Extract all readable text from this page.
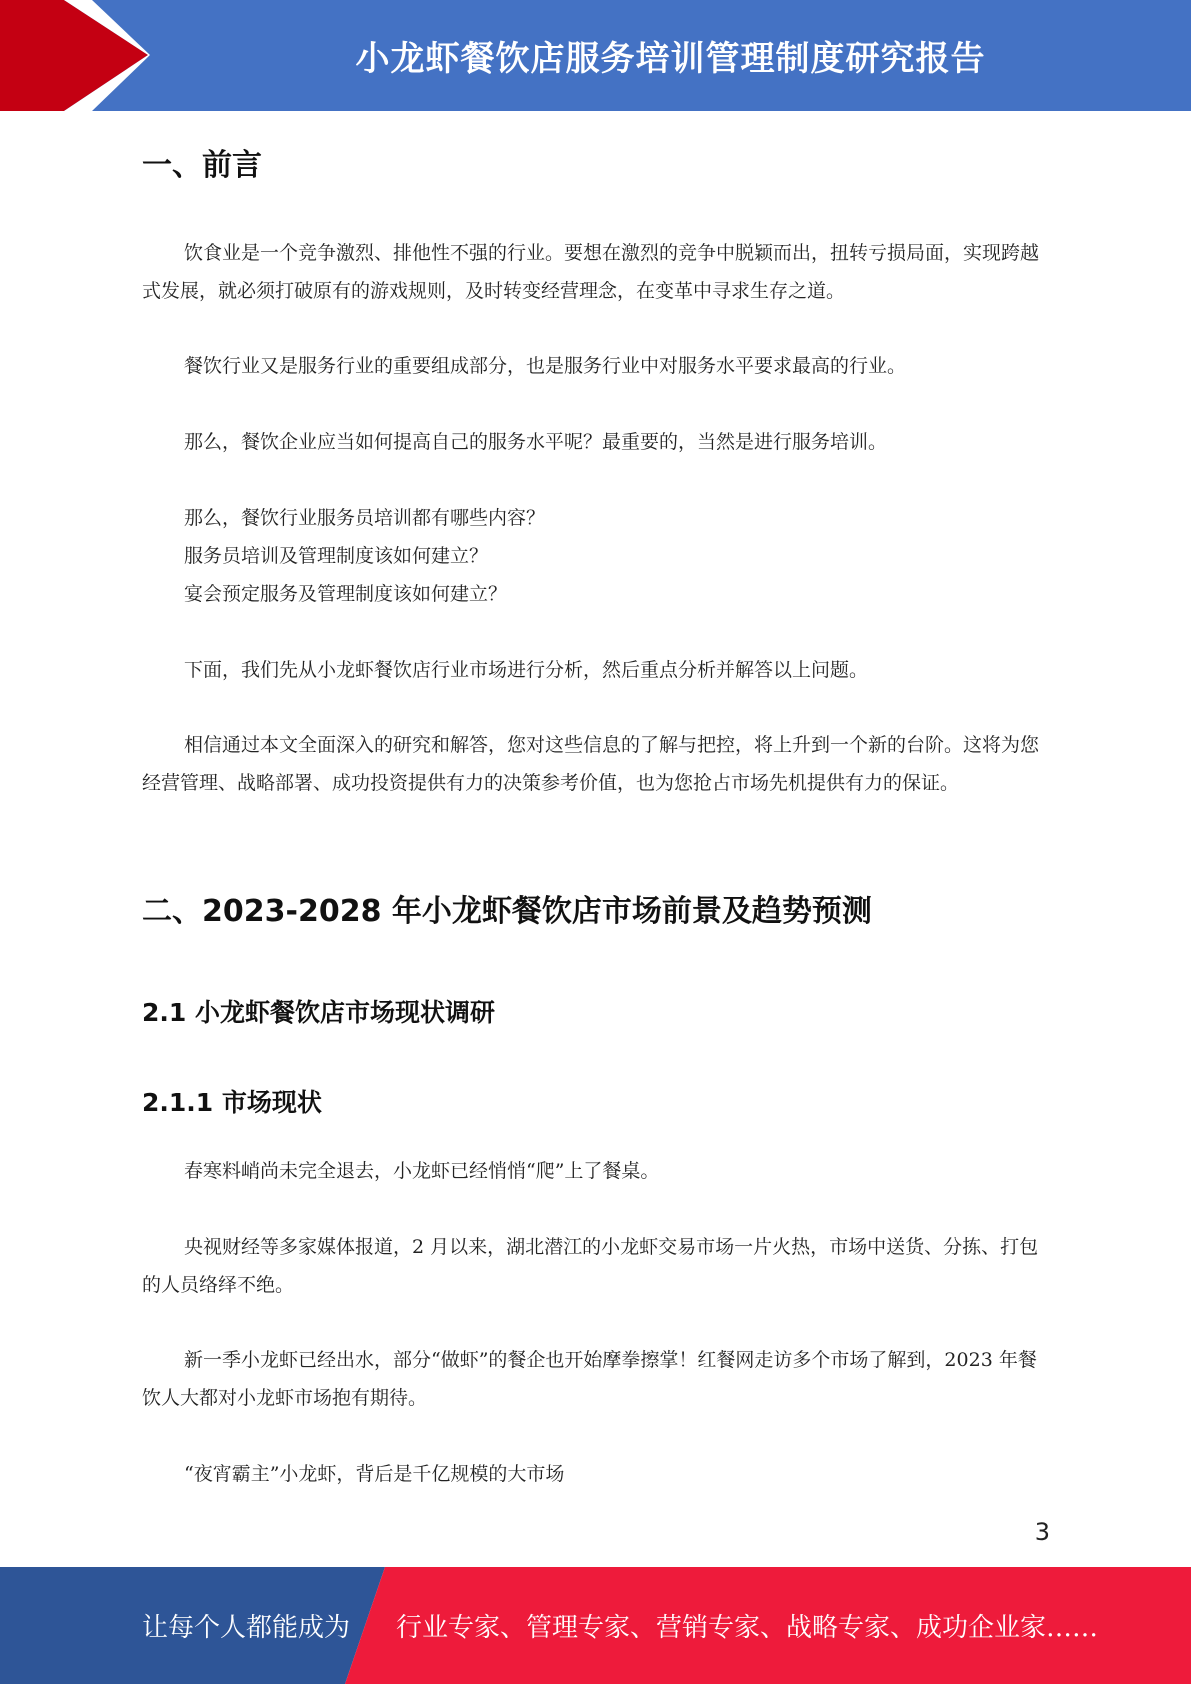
小龙虾餐饮店服务培训管理制度研究报告
一、前言

饮食业是一个竞争激烈、排他性不强的行业。要想在激烈的竞争中脱颖而出，扭转亏损局面，实现跨越式发展，就必须打破原有的游戏规则，及时转变经营理念，在变革中寻求生存之道。

餐饮行业又是服务行业的重要组成部分，也是服务行业中对服务水平要求最高的行业。

那么，餐饮企业应当如何提高自己的服务水平呢？最重要的，当然是进行服务培训。

那么，餐饮行业服务员培训都有哪些内容？
服务员培训及管理制度该如何建立？
宴会预定服务及管理制度该如何建立？

下面，我们先从小龙虾餐饮店行业市场进行分析，然后重点分析并解答以上问题。

相信通过本文全面深入的研究和解答，您对这些信息的了解与把控，将上升到一个新的台阶。这将为您经营管理、战略部署、成功投资提供有力的决策参考价值，也为您抢占市场先机提供有力的保证。

二、2023-2028 年小龙虾餐饮店市场前景及趋势预测
2.1 小龙虾餐饮店市场现状调研
2.1.1 市场现状

春寒料峭尚未完全退去，小龙虾已经悄悄“爬”上了餐桌。

央视财经等多家媒体报道，2 月以来，湖北潜江的小龙虾交易市场一片火热，市场中送货、分拣、打包的人员络绎不绝。

新一季小龙虾已经出水，部分“做虾”的餐企也开始摩拳擦掌！红餐网走访多个市场了解到，2023 年餐饮人大都对小龙虾市场抱有期待。

“夜宵霸主”小龙虾，背后是千亿规模的大市场

3
让每个人都能成为 行业专家、管理专家、营销专家、战略专家、成功企业家……
